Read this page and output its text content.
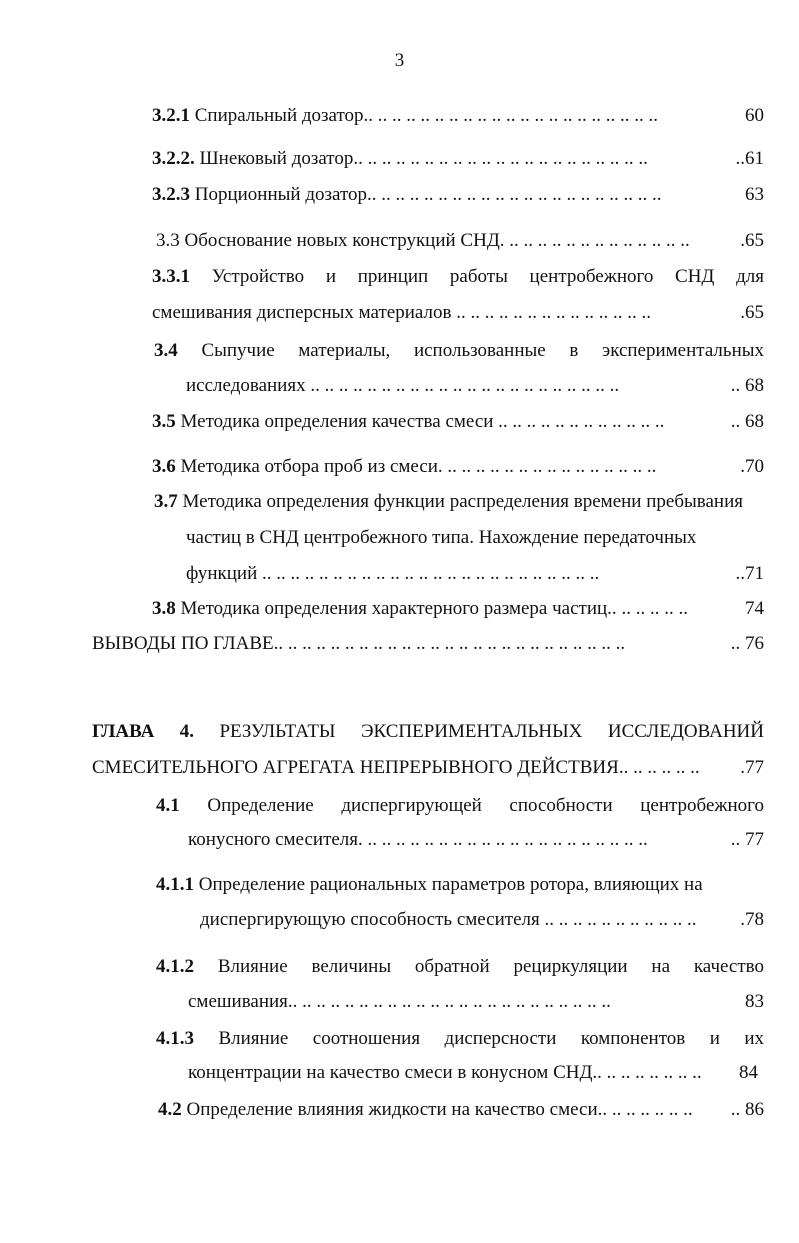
3
3.2.1 Спиральный дозатор.. .. .. .. .. .. .. .. .. .. .. .. .. .. .. .. .. .. .. .. ..	60
3.2.2. Шнековый дозатор.. .. .. .. .. .. .. .. .. .. .. .. .. .. .. .. .. .. .. .. ..	..61
3.2.3 Порционный дозатор.. .. .. .. .. .. .. .. .. .. .. .. .. .. .. .. .. .. .. .. ..	63
3.3 Обоснование новых конструкций СНД. .. .. .. .. .. .. .. .. .. .. .. .. ..	.65
3.3.1 Устройство и принцип работы центробежного СНД для
смешивания дисперсных материалов .. .. .. .. .. .. .. .. .. .. .. .. .. ..	.65
3.4 Сыпучие материалы, использованные в экспериментальных
исследованиях .. .. .. .. .. .. .. .. .. .. .. .. .. .. .. .. .. .. .. .. .. ..	.. 68
3.5 Методика определения качества смеси .. .. .. .. .. .. .. .. .. .. .. ..	.. 68
3.6 Методика отбора проб из смеси. .. .. .. .. .. .. .. .. .. .. .. .. .. .. ..	.70
3.7 Методика определения функции распределения времени пребывания
частиц в СНД центробежного типа. Нахождение передаточных
функций .. .. .. .. .. .. .. .. .. .. .. .. .. .. .. .. .. .. .. .. .. .. .. ..	..71
3.8 Методика определения характерного размера частиц.. .. .. .. .. ..	74
ВЫВОДЫ ПО ГЛАВЕ.. .. .. .. .. .. .. .. .. .. .. .. .. .. .. .. .. .. .. .. .. .. .. .. ..	.. 76
ГЛАВА 4. РЕЗУЛЬТАТЫ ЭКСПЕРИМЕНТАЛЬНЫХ ИССЛЕДОВАНИЙ
СМЕСИТЕЛЬНОГО АГРЕГАТА НЕПРЕРЫВНОГО ДЕЙСТВИЯ.. .. .. .. .. .. .77
4.1 Определение диспергирующей способности центробежного
конусного смесителя. .. .. .. .. .. .. .. .. .. .. .. .. .. .. .. .. .. .. .. ..	.. 77
4.1.1 Определение рациональных параметров ротора, влияющих на
диспергирующую способность смесителя .. .. .. .. .. .. .. .. .. .. .. .78
4.1.2 Влияние величины обратной рециркуляции на качество
смешивания.. .. .. .. .. .. .. .. .. .. .. .. .. .. .. .. .. .. .. .. .. .. ..	83
4.1.3 Влияние соотношения дисперсности компонентов и их
концентрации на качество смеси в конусном СНД.. .. .. .. .. .. .. .. 84
4.2 Определение влияния жидкости на качество смеси.. .. .. .. .. .. .. .. 86
